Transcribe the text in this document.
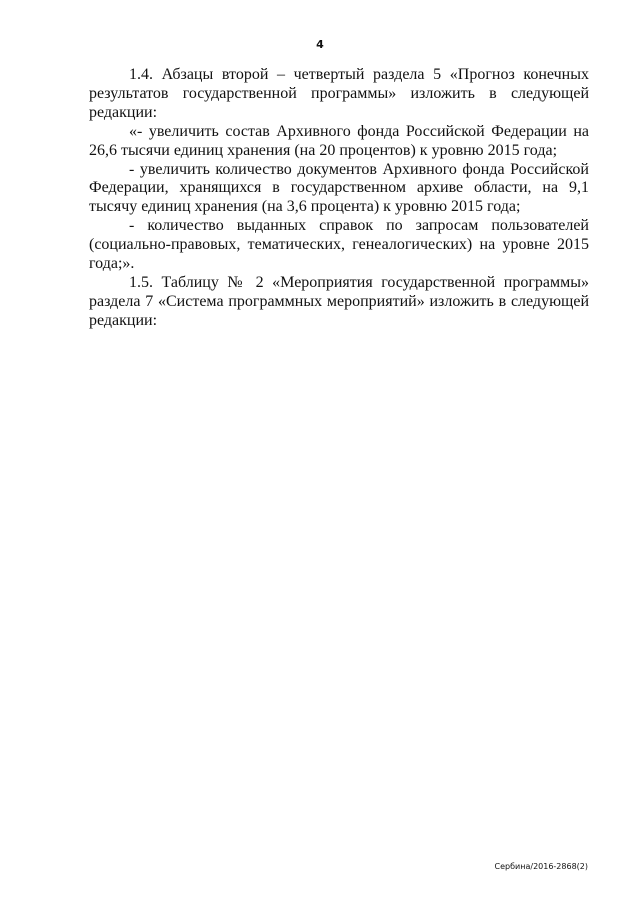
4

1.4. Абзацы второй – четвертый раздела 5 «Прогноз конечных результатов государственной программы» изложить в следующей редакции:

«- увеличить состав Архивного фонда Российской Федерации на 26,6 тысячи единиц хранения (на 20 процентов) к уровню 2015 года;

- увеличить количество документов Архивного фонда Российской Федерации, хранящихся в государственном архиве области, на 9,1 тысячу единиц хранения (на 3,6 процента) к уровню 2015 года;

- количество выданных справок по запросам пользователей (социально-правовых, тематических, генеалогических) на уровне 2015 года;».

1.5. Таблицу № 2 «Мероприятия государственной программы» раздела 7 «Система программных мероприятий» изложить в следующей редакции:

Сербина/2016-2868(2)
